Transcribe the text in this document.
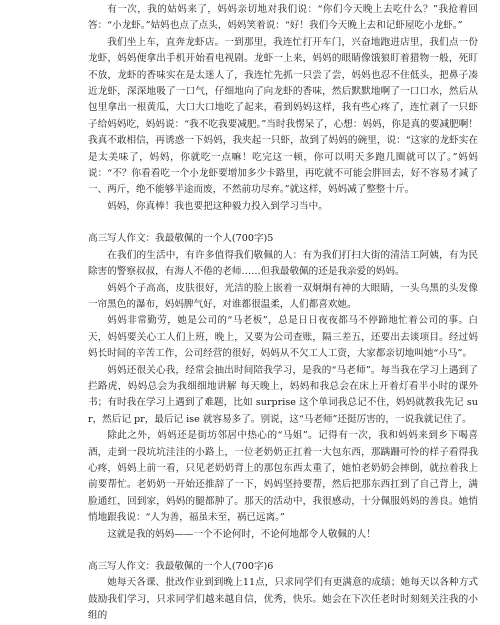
有一次，我的姑妈来了，妈妈亲切地对我们说：“你们今天晚上去吃什么？”我抢着回答：“小龙虾。”姑妈也点了点头，妈妈笑着说：“好！我们今天晚上去和记虾屋吃小龙虾。”

我们坐上车，直奔龙虾店。一到那里，我连忙打开车门，兴奋地跑进店里，我们点一份龙虾，妈妈便拿出手机开始看电视剧。龙虾一上来，妈妈的眼睛像饿狼盯着猎物一般，死盯不放，龙虾的香味实在是太迷人了，我连忙先抓一只尝了尝，妈妈也忍不住低头，把鼻子凑近龙虾，深深地吸了一口气，仔细地向了向龙虾的香味，然后默默地啊了一口口水，然后从包里拿出一根黄瓜，大口大口地吃了起来，看到妈妈这样，我有些心疼了，连忙剥了一只虾子给妈妈吃，妈妈说：“我不吃我要减肥。”当时我愣呆了，心想：妈妈，你是真的要减肥啊！我真不敢相信，再诱惑一下妈妈，我夹起一只虾，故到了妈妈的碗里，说：“这家的龙虾实在是太美味了，妈妈，你就吃一点嘛！吃完这一顿，你可以明天多跑几圈就可以了。”妈妈说：“不？你看看吃一个小龙虾要增加多少卡路里，再吃就不可能会胖回去，好不容易才减了一、两斤，绝不能够半途而废，不然前功尽弃。”就这样，妈妈减了整整十斤。

妈妈，你真棒！我也要把这种毅力投入到学习当中。

高三写人作文：我最敬佩的一个人(700字)5

在我们的生活中，有许多值得我们敬佩的人：有为我们打扫大街的清洁工阿姨，有为民除害的警察叔叔，有海人不倦的老师……但我最敬佩的还是我亲爱的妈妈。

妈妈个子高高，皮肤很好，光洁的脸上嵌着一双炯炯有神的大眼睛，一头乌黑的头发像一帘黑色的瀑布，妈妈脾气好，对谁都很温柔，人们都喜欢她。

妈妈非常勤劳，她是公司的“马老板”，总是日日夜夜都马不停蹄地忙着公司的事。白天，妈妈要关心工人们上班，晚上，又要为公司查账，隔三差五，还要出去谈项目。经过妈妈长时间的辛苦工作，公司经营的很好，妈妈从不欠工人工资，大家都亲切地叫她“小马”。

妈妈还很关心我，经常会抽出时间陪我学习，是我的“马老师”。每当我在学习上遇到了拦路虎，妈妈总会为我细细地讲解 每天晚上，妈妈和我总会在床上开着灯看半小时的课外书；有时我在学习上遇到了难题，比如 surprise 这个单词我总记不住，妈妈就教我先记 sur，然后记 pr，最后记 ise 就容易多了。别说，这“马老师”还挺厉害的，一说我就记住了。

除此之外，妈妈还是街坊邻居中热心的“马姐”。记得有一次，我和妈妈来到乡下喝喜酒，走到一段坑坑洼洼的小路上，一位老奶奶正扛着一大包东西，那蹒跚可怜的样子看得我心疼，妈妈上前一看，只见老奶奶背上的那包东西太重了，她怕老奶奶会摔倒，就拉着我上前要帮忙。老奶奶一开始还推辞了一下，妈妈坚持要帮，然后把那东西扛到了自己背上，满脸通红，回到家，妈妈的腿都肿了。那天的活动中，我很感动，十分佩服妈妈的善良。她悄悄地跟我说：“人为善，福虽未至，祸已远离。”

这就是我的妈妈——一个不论何时，不论何地都令人敬佩的人！

高三写人作文：我最敬佩的一个人(700字)6

她每天各课、批改作业到到晚上11点，只求同学们有更满意的成绩；她每天以各种方式鼓励我们学习，只求同学们越来越自信，优秀，快乐。她会在下次任老时时刻刻关注我的小组的
